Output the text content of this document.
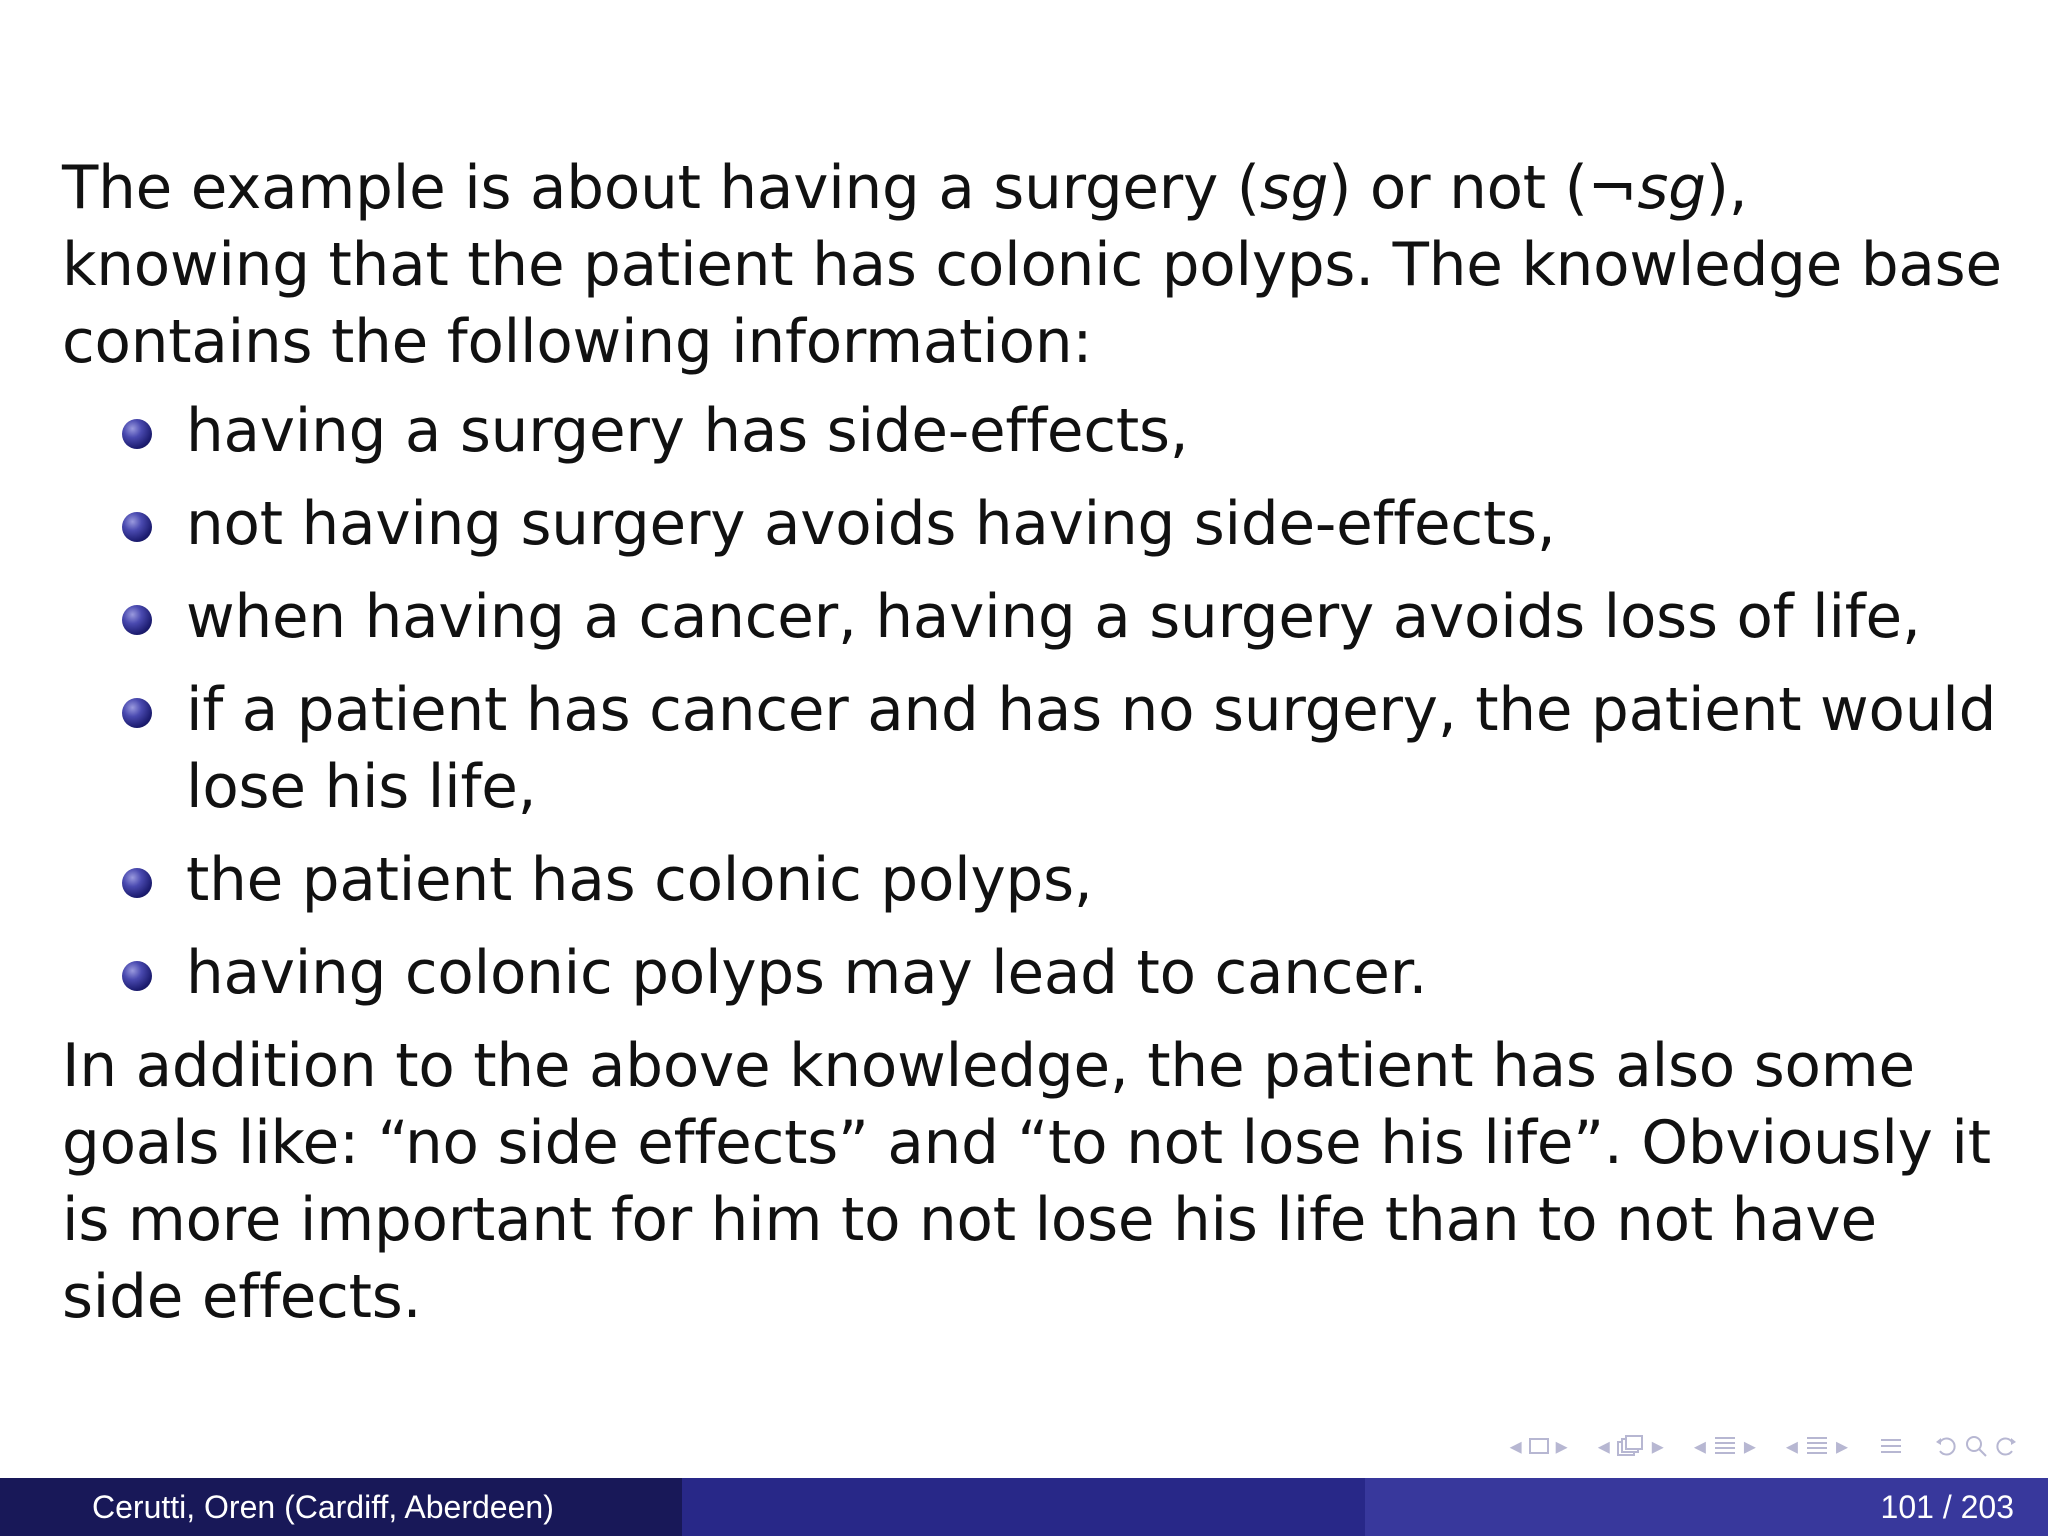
The example is about having a surgery (sg) or not (¬sg), knowing that the patient has colonic polyps. The knowledge base contains the following information:

having a surgery has side-effects,
not having surgery avoids having side-effects,
when having a cancer, having a surgery avoids loss of life,
if a patient has cancer and has no surgery, the patient would lose his life,
the patient has colonic polyps,
having colonic polyps may lead to cancer.

In addition to the above knowledge, the patient has also some goals like: “no side effects” and “to not lose his life”. Obviously it is more important for him to not lose his life than to not have side effects.

◂ ▸ ◂ ▸ ◂ ▸ ◂ ▸
Cerutti, Oren (Cardiff, Aberdeen)	101 / 203
